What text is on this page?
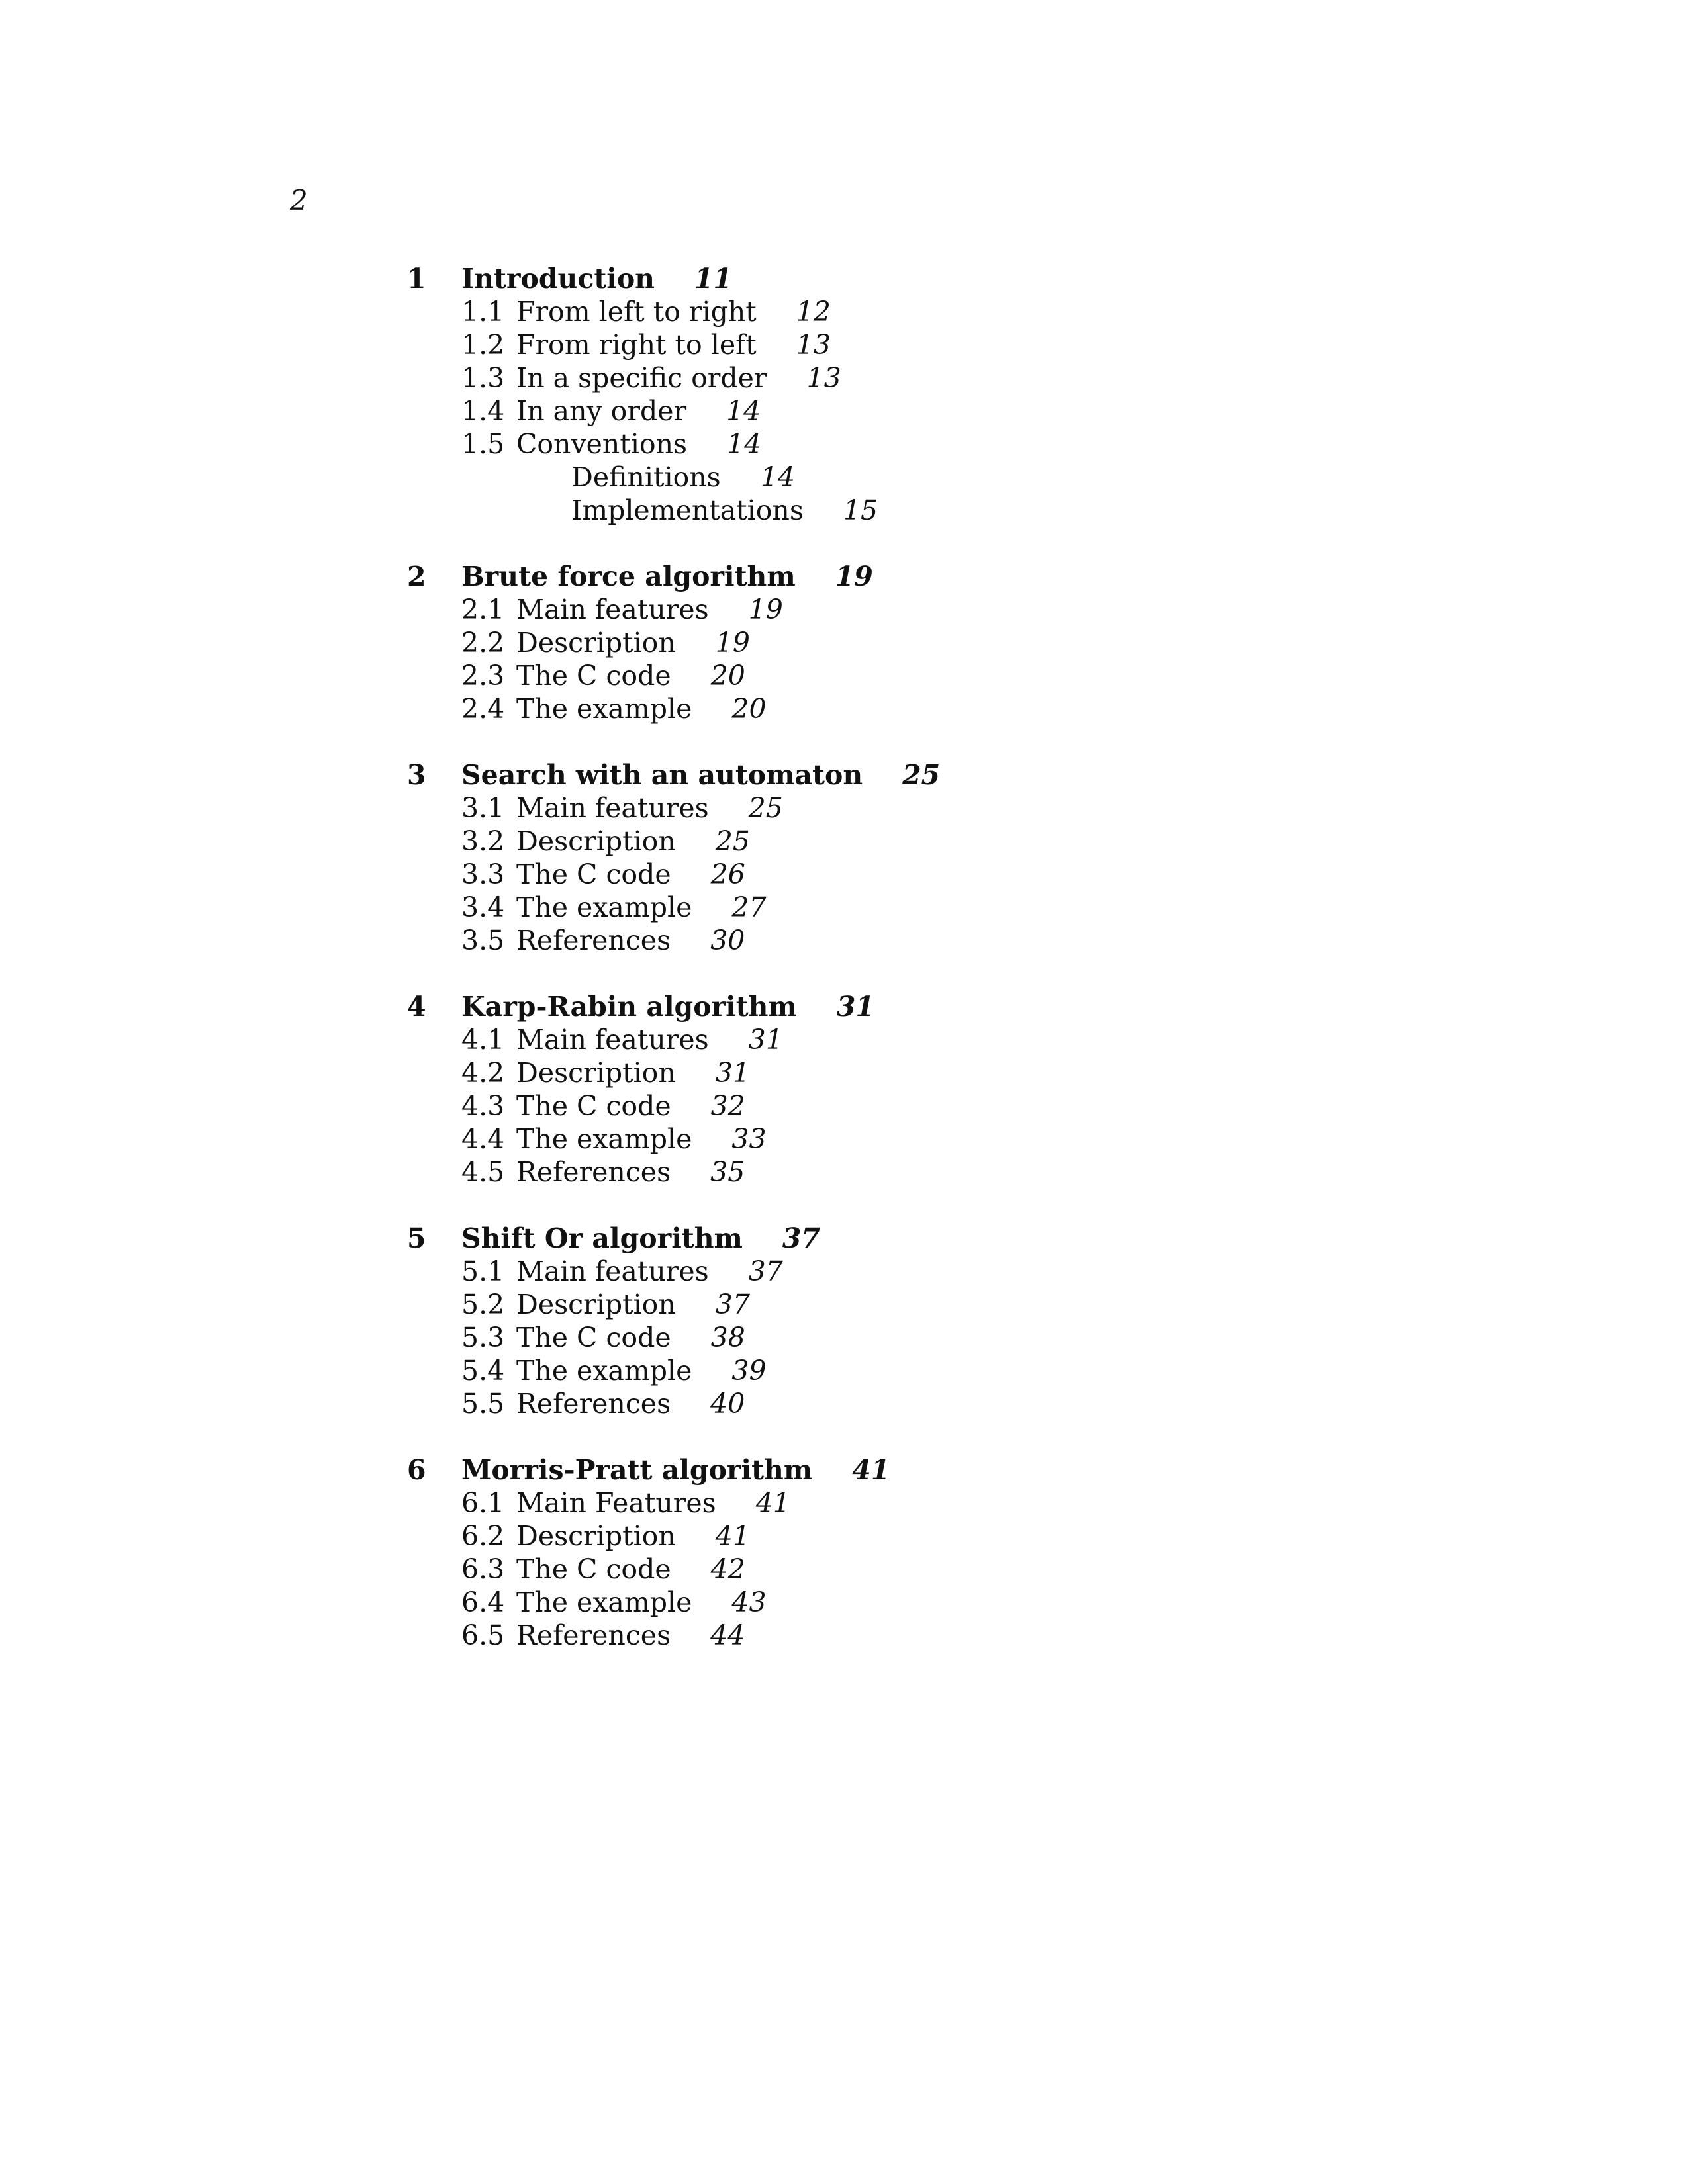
2
1 Introduction 11
1.1 From left to right 12
1.2 From right to left 13
1.3 In a specific order 13
1.4 In any order 14
1.5 Conventions 14
Definitions 14
Implementations 15
2 Brute force algorithm 19
2.1 Main features 19
2.2 Description 19
2.3 The C code 20
2.4 The example 20
3 Search with an automaton 25
3.1 Main features 25
3.2 Description 25
3.3 The C code 26
3.4 The example 27
3.5 References 30
4 Karp-Rabin algorithm 31
4.1 Main features 31
4.2 Description 31
4.3 The C code 32
4.4 The example 33
4.5 References 35
5 Shift Or algorithm 37
5.1 Main features 37
5.2 Description 37
5.3 The C code 38
5.4 The example 39
5.5 References 40
6 Morris-Pratt algorithm 41
6.1 Main Features 41
6.2 Description 41
6.3 The C code 42
6.4 The example 43
6.5 References 44
